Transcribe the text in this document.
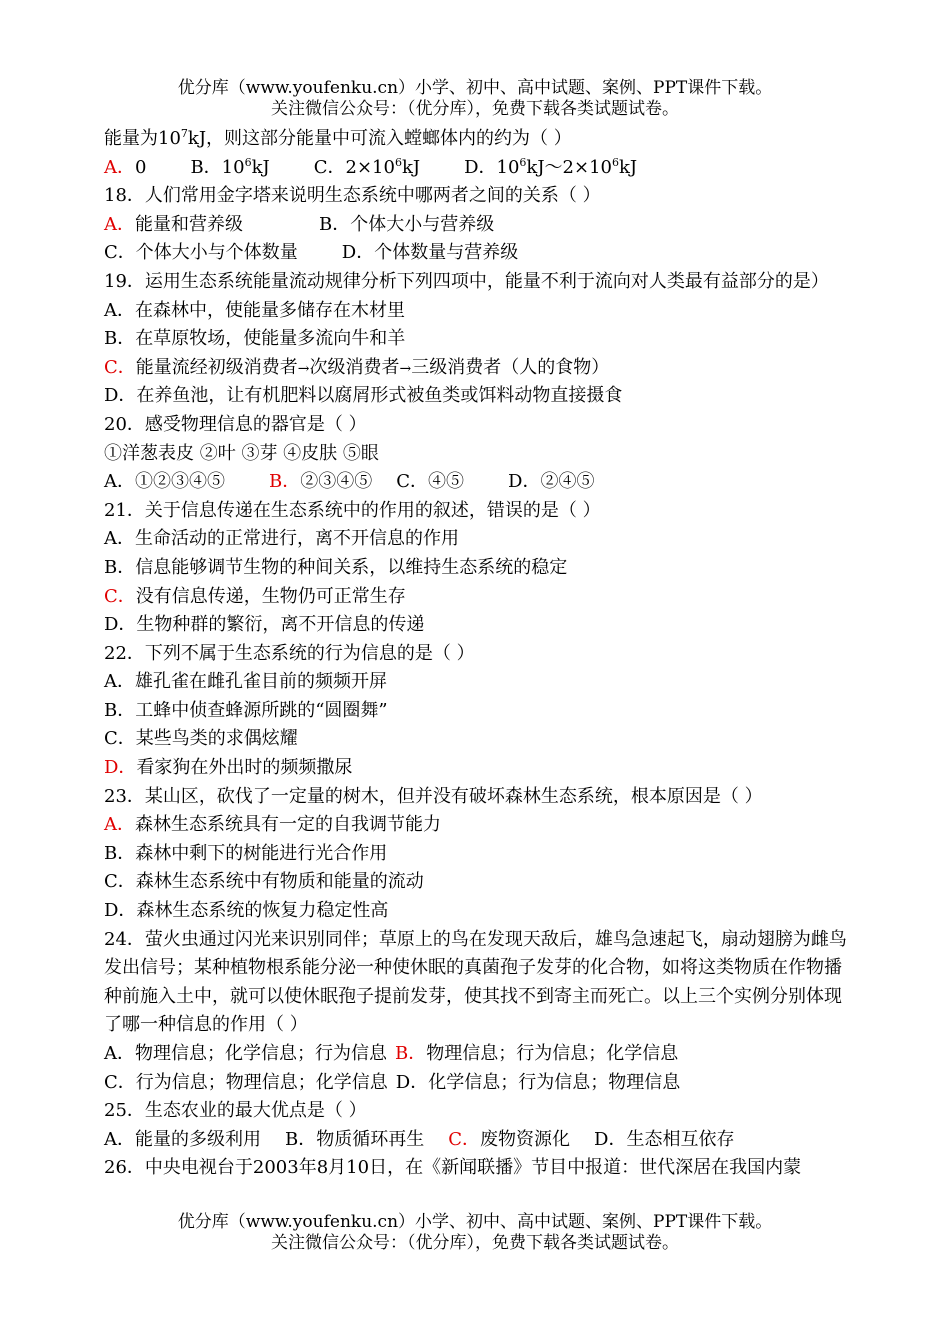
优分库（www.youfenku.cn）小学、初中、高中试题、案例、PPT课件下载。
关注微信公众号：（优分库），免费下载各类试题试卷。
能量为$10^7kJ$，则这部分能量中可流入螳螂体内的约为（ ）
A．0 B．$10^6kJ$ C．$2\times 10^6kJ$ D．$10^6kJ\sim 2\times 10^6kJ$
18．人们常用金字塔来说明生态系统中哪两者之间的关系（ ）
A．能量和营养级	B．个体大小与营养级
C．个体大小与个体数量 D．个体数量与营养级
19．运用生态系统能量流动规律分析下列四项中，能量不利于流向对人类最有益部分的是）
A．在森林中，使能量多储存在木材里
B．在草原牧场，使能量多流向牛和羊
C．能量流经初级消费者→次级消费者→三级消费者（人的食物）
D．在养鱼池，让有机肥料以腐屑形式被鱼类或饵料动物直接摄食
20．感受物理信息的器官是（ ）
①洋葱表皮 ②叶 ③芽 ④皮肤 ⑤眼
A．①②③④⑤ B．②③④⑤ C．④⑤ D．②④⑤
21．关于信息传递在生态系统中的作用的叙述，错误的是（ ）
A．生命活动的正常进行，离不开信息的作用
B．信息能够调节生物的种间关系，以维持生态系统的稳定
C．没有信息传递，生物仍可正常生存
D．生物种群的繁衍，离不开信息的传递
22．下列不属于生态系统的行为信息的是（ ）
A．雄孔雀在雌孔雀目前的频频开屏
B．工蜂中侦查蜂源所跳的“圆圈舞”
C．某些鸟类的求偶炫耀
D．看家狗在外出时的频频撒尿
23．某山区，砍伐了一定量的树木，但并没有破坏森林生态系统，根本原因是（ ）
A．森林生态系统具有一定的自我调节能力
B．森林中剩下的树能进行光合作用
C．森林生态系统中有物质和能量的流动
D．森林生态系统的恢复力稳定性高
24．萤火虫通过闪光来识别同伴；草原上的鸟在发现天敌后，雄鸟急速起飞，扇动翅膀为雌鸟发出信号；某种植物根系能分泌一种使休眠的真菌孢子发芽的化合物，如将这类物质在作物播种前施入土中，就可以使休眠孢子提前发芽，使其找不到寄主而死亡。以上三个实例分别体现了哪一种信息的作用（ ）
A．物理信息；化学信息；行为信息 B．物理信息；行为信息；化学信息
C．行为信息；物理信息；化学信息 D．化学信息；行为信息；物理信息
25．生态农业的最大优点是（ ）
A．能量的多级利用 B．物质循环再生 C．废物资源化 D．生态相互依存
26．中央电视台于2003年8月10日，在《新闻联播》节目中报道：世代深居在我国内蒙
优分库（www.youfenku.cn）小学、初中、高中试题、案例、PPT课件下载。
关注微信公众号：（优分库），免费下载各类试题试卷。
